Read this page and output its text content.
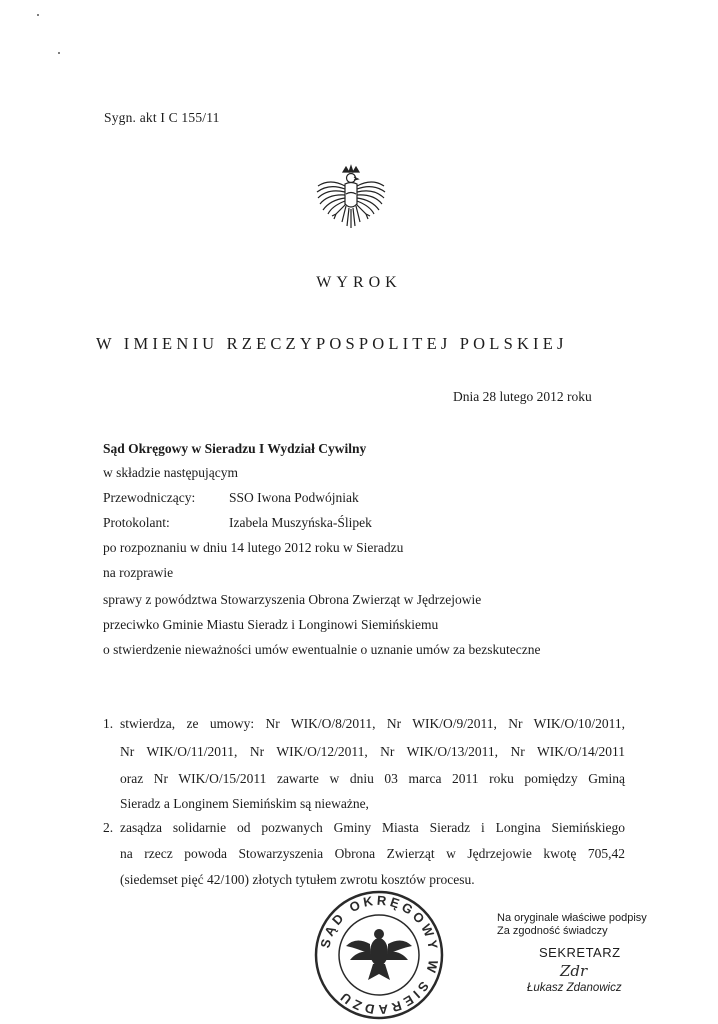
Sygn. akt I C 155/11
WYROK
W IMIENIU RZECZYPOSPOLITEJ POLSKIEJ
Dnia 28 lutego 2012 roku
Sąd Okręgowy w Sieradzu I Wydział Cywilny
w składzie następującym
Przewodniczący:	SSO Iwona Podwójniak
Protokolant:	Izabela Muszyńska-Ślipek
po rozpoznaniu w dniu 14 lutego 2012 roku w Sieradzu
na rozprawie
sprawy z powództwa Stowarzyszenia Obrona Zwierząt w Jędrzejowie
przeciwko Gminie Miastu Sieradz i Longinowi Siemińskiemu
o stwierdzenie nieważności umów ewentualnie o uznanie umów za bezskuteczne
1. stwierdza, ze umowy: Nr WIK/O/8/2011, Nr WIK/O/9/2011, Nr WIK/O/10/2011,
Nr WIK/O/11/2011, Nr WIK/O/12/2011, Nr WIK/O/13/2011, Nr WIK/O/14/2011
oraz Nr WIK/O/15/2011 zawarte w dniu 03 marca 2011 roku pomiędzy Gminą
Sieradz a Longinem Siemińskim są nieważne,
2. zasądza solidarnie od pozwanych Gminy Miasta Sieradz i Longina Siemińskiego
na rzecz powoda Stowarzyszenia Obrona Zwierząt w Jędrzejowie kwotę 705,42
(siedemset pięć 42/100) złotych tytułem zwrotu kosztów procesu.
SĄD OKRĘGOWY W SIERADZU
Na oryginale właściwe podpisy
Za zgodność świadczy
SEKRETARZ
Zdr
Łukasz Zdanowicz
